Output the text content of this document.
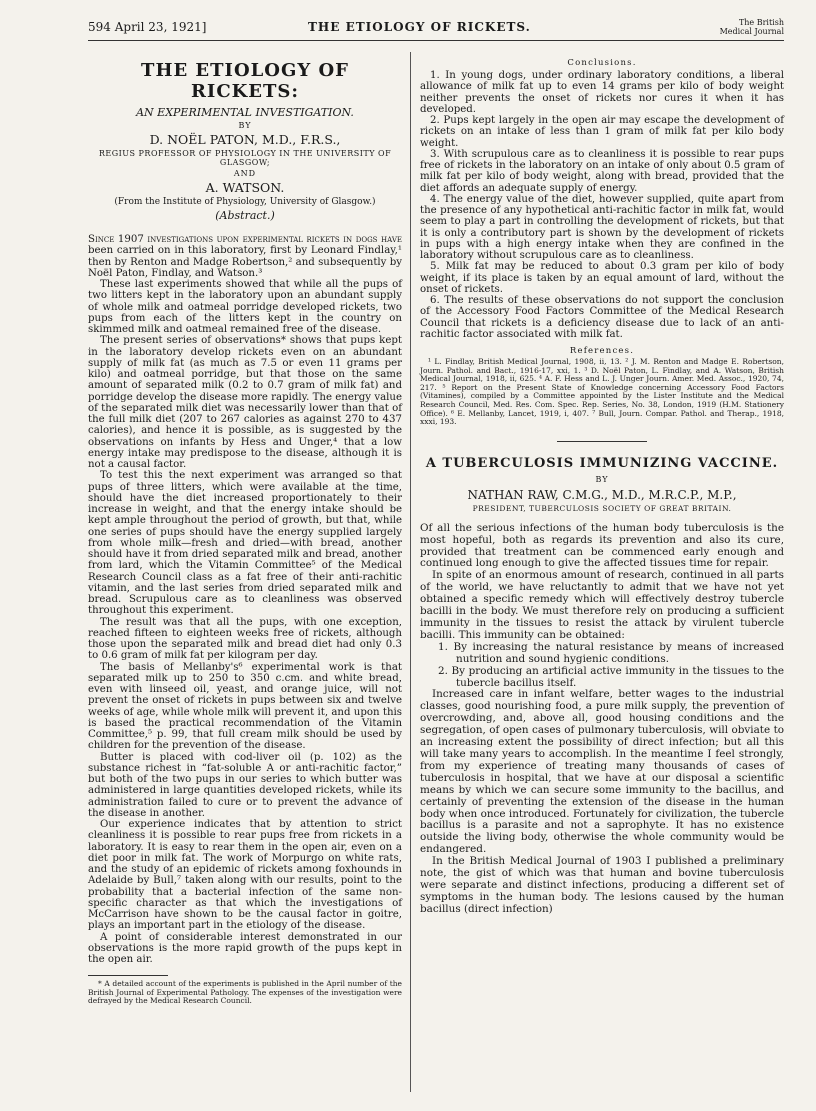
594 April 23, 1921]	THE ETIOLOGY OF RICKETS.	The British
Medical Journal
THE ETIOLOGY OF RICKETS:
AN EXPERIMENTAL INVESTIGATION.
BY
D. NOËL PATON, M.D., F.R.S.,
REGIUS PROFESSOR OF PHYSIOLOGY IN THE UNIVERSITY OF GLASGOW;
AND
A. WATSON.
(From the Institute of Physiology, University of Glasgow.)
(Abstract.)

Since 1907 investigations upon experimental rickets in dogs have been carried on in this laboratory, first by Leonard Findlay,¹ then by Renton and Madge Robertson,² and subsequently by Noël Paton, Findlay, and Watson.³

These last experiments showed that while all the pups of two litters kept in the laboratory upon an abundant supply of whole milk and oatmeal porridge developed rickets, two pups from each of the litters kept in the country on skimmed milk and oatmeal remained free of the disease.

The present series of observations* shows that pups kept in the laboratory develop rickets even on an abundant supply of milk fat (as much as 7.5 or even 11 grams per kilo) and oatmeal porridge, but that those on the same amount of separated milk (0.2 to 0.7 gram of milk fat) and porridge develop the disease more rapidly. The energy value of the separated milk diet was necessarily lower than that of the full milk diet (207 to 267 calories as against 270 to 437 calories), and hence it is possible, as is suggested by the observations on infants by Hess and Unger,⁴ that a low energy intake may predispose to the disease, although it is not a causal factor.

To test this the next experiment was arranged so that pups of three litters, which were available at the time, should have the diet increased proportionately to their increase in weight, and that the energy intake should be kept ample throughout the period of growth, but that, while one series of pups should have the energy supplied largely from whole milk—fresh and dried—with bread, another should have it from dried separated milk and bread, another from lard, which the Vitamin Committee⁵ of the Medical Research Council class as a fat free of their anti-rachitic vitamin, and the last series from dried separated milk and bread. Scrupulous care as to cleanliness was observed throughout this experiment.

The result was that all the pups, with one exception, reached fifteen to eighteen weeks free of rickets, although those upon the separated milk and bread diet had only 0.3 to 0.6 gram of milk fat per kilogram per day.

The basis of Mellanby's⁶ experimental work is that separated milk up to 250 to 350 c.cm. and white bread, even with linseed oil, yeast, and orange juice, will not prevent the onset of rickets in pups between six and twelve weeks of age, while whole milk will prevent it, and upon this is based the practical recommendation of the Vitamin Committee,⁵ p. 99, that full cream milk should be used by children for the prevention of the disease.

Butter is placed with cod-liver oil (p. 102) as the substance richest in “fat-soluble A or anti-rachitic factor,” but both of the two pups in our series to which butter was administered in large quantities developed rickets, while its administration failed to cure or to prevent the advance of the disease in another.

Our experience indicates that by attention to strict cleanliness it is possible to rear pups free from rickets in a laboratory. It is easy to rear them in the open air, even on a diet poor in milk fat. The work of Morpurgo on white rats, and the study of an epidemic of rickets among foxhounds in Adelaide by Bull,⁷ taken along with our results, point to the probability that a bacterial infection of the same non-specific character as that which the investigations of McCarrison have shown to be the causal factor in goitre, plays an important part in the etiology of the disease.

A point of considerable interest demonstrated in our observations is the more rapid growth of the pups kept in the open air.

* A detailed account of the experiments is published in the April number of the British Journal of Experimental Pathology. The expenses of the investigation were defrayed by the Medical Research Council.

Conclusions.

1. In young dogs, under ordinary laboratory conditions, a liberal allowance of milk fat up to even 14 grams per kilo of body weight neither prevents the onset of rickets nor cures it when it has developed.

2. Pups kept largely in the open air may escape the development of rickets on an intake of less than 1 gram of milk fat per kilo body weight.

3. With scrupulous care as to cleanliness it is possible to rear pups free of rickets in the laboratory on an intake of only about 0.5 gram of milk fat per kilo of body weight, along with bread, provided that the diet affords an adequate supply of energy.

4. The energy value of the diet, however supplied, quite apart from the presence of any hypothetical anti-rachitic factor in milk fat, would seem to play a part in controlling the development of rickets, but that it is only a contributory part is shown by the development of rickets in pups with a high energy intake when they are confined in the laboratory without scrupulous care as to cleanliness.

5. Milk fat may be reduced to about 0.3 gram per kilo of body weight, if its place is taken by an equal amount of lard, without the onset of rickets.

6. The results of these observations do not support the conclusion of the Accessory Food Factors Committee of the Medical Research Council that rickets is a deficiency disease due to lack of an anti-rachitic factor associated with milk fat.

References.

¹ L. Findlay, British Medical Journal, 1908, ii, 13. ² J. M. Renton and Madge E. Robertson, Journ. Pathol. and Bact., 1916-17, xxi, 1. ³ D. Noël Paton, L. Findlay, and A. Watson, British Medical Journal, 1918, ii, 625. ⁴ A. F. Hess and L. J. Unger Journ. Amer. Med. Assoc., 1920, 74, 217. ⁵ Report on the Present State of Knowledge concerning Accessory Food Factors (Vitamines), compiled by a Committee appointed by the Lister Institute and the Medical Research Council, Med. Res. Com. Spec. Rep. Series, No. 38, London, 1919 (H.M. Stationery Office). ⁶ E. Mellanby, Lancet, 1919, i, 407. ⁷ Bull, Journ. Compar. Pathol. and Therap., 1918, xxxi, 193.

A TUBERCULOSIS IMMUNIZING VACCINE.
BY
NATHAN RAW, C.M.G., M.D., M.R.C.P., M.P.,
PRESIDENT, TUBERCULOSIS SOCIETY OF GREAT BRITAIN.

Of all the serious infections of the human body tuberculosis is the most hopeful, both as regards its prevention and also its cure, provided that treatment can be commenced early enough and continued long enough to give the affected tissues time for repair.

In spite of an enormous amount of research, continued in all parts of the world, we have reluctantly to admit that we have not yet obtained a specific remedy which will effectively destroy tubercle bacilli in the body. We must therefore rely on producing a sufficient immunity in the tissues to resist the attack by virulent tubercle bacilli. This immunity can be obtained:

1. By increasing the natural resistance by means of increased nutrition and sound hygienic conditions.

2. By producing an artificial active immunity in the tissues to the tubercle bacillus itself.

Increased care in infant welfare, better wages to the industrial classes, good nourishing food, a pure milk supply, the prevention of overcrowding, and, above all, good housing conditions and the segregation, of open cases of pulmonary tuberculosis, will obviate to an increasing extent the possibility of direct infection; but all this will take many years to accomplish. In the meantime I feel strongly, from my experience of treating many thousands of cases of tuberculosis in hospital, that we have at our disposal a scientific means by which we can secure some immunity to the bacillus, and certainly of preventing the extension of the disease in the human body when once introduced. Fortunately for civilization, the tubercle bacillus is a parasite and not a saprophyte. It has no existence outside the living body, otherwise the whole community would be endangered.

In the British Medical Journal of 1903 I published a preliminary note, the gist of which was that human and bovine tuberculosis were separate and distinct infections, producing a different set of symptoms in the human body. The lesions caused by the human bacillus (direct infection)
